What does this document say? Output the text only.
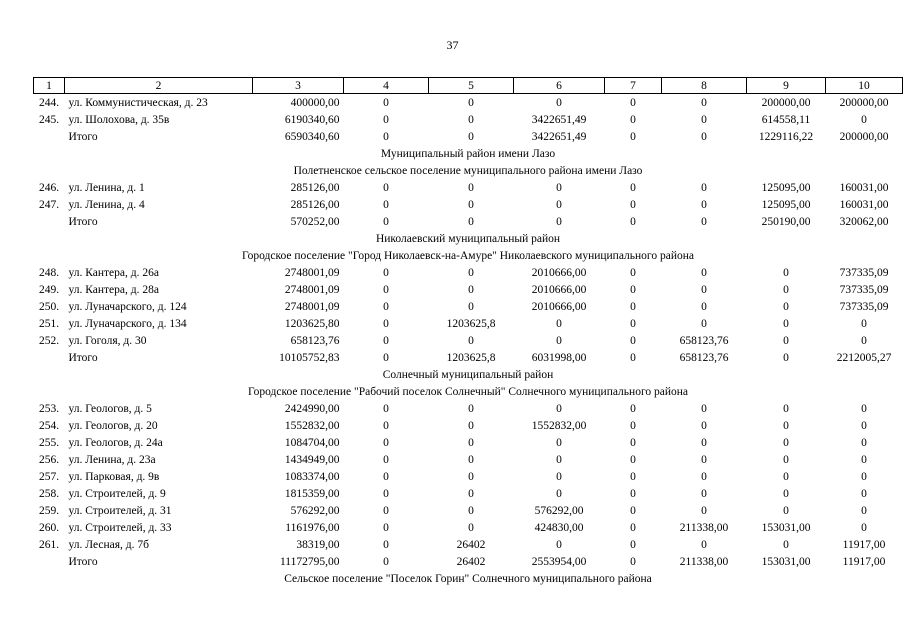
37
1	2	3	4	5	6	7	8	9	10
244.	ул. Коммунистическая, д. 23	400000,00	0	0	0	0	0	200000,00	200000,00
245.	ул. Шолохова, д. 35в	6190340,60	0	0	3422651,49	0	0	614558,11	0
	Итого	6590340,60	0	0	3422651,49	0	0	1229116,22	200000,00
Муниципальный район имени Лазо									
Полетненское сельское поселение муниципального района имени Лазо									
246.	ул. Ленина, д. 1	285126,00	0	0	0	0	0	125095,00	160031,00
247.	ул. Ленина, д. 4	285126,00	0	0	0	0	0	125095,00	160031,00
	Итого	570252,00	0	0	0	0	0	250190,00	320062,00
Николаевский муниципальный район									
Городское поселение "Город Николаевск-на-Амуре" Николаевского муниципального района									
248.	ул. Кантера, д. 26а	2748001,09	0	0	2010666,00	0	0	0	737335,09
249.	ул. Кантера, д. 28а	2748001,09	0	0	2010666,00	0	0	0	737335,09
250.	ул. Луначарского, д. 124	2748001,09	0	0	2010666,00	0	0	0	737335,09
251.	ул. Луначарского, д. 134	1203625,80	0	1203625,8	0	0	0	0	0
252.	ул. Гоголя, д. 30	658123,76	0	0	0	0	658123,76	0	0
	Итого	10105752,83	0	1203625,8	6031998,00	0	658123,76	0	2212005,27
Солнечный муниципальный район									
Городское поселение "Рабочий поселок Солнечный" Солнечного муниципального района									
253.	ул. Геологов, д. 5	2424990,00	0	0	0	0	0	0	0
254.	ул. Геологов, д. 20	1552832,00	0	0	1552832,00	0	0	0	0
255.	ул. Геологов, д. 24а	1084704,00	0	0	0	0	0	0	0
256.	ул. Ленина, д. 23а	1434949,00	0	0	0	0	0	0	0
257.	ул. Парковая, д. 9в	1083374,00	0	0	0	0	0	0	0
258.	ул. Строителей, д. 9	1815359,00	0	0	0	0	0	0	0
259.	ул. Строителей, д. 31	576292,00	0	0	576292,00	0	0	0	0
260.	ул. Строителей, д. 33	1161976,00	0	0	424830,00	0	211338,00	153031,00	0
261.	ул. Лесная, д. 7б	38319,00	0	26402	0	0	0	0	11917,00
	Итого	11172795,00	0	26402	2553954,00	0	211338,00	153031,00	11917,00
Сельское поселение "Поселок Горин" Солнечного муниципального района									
